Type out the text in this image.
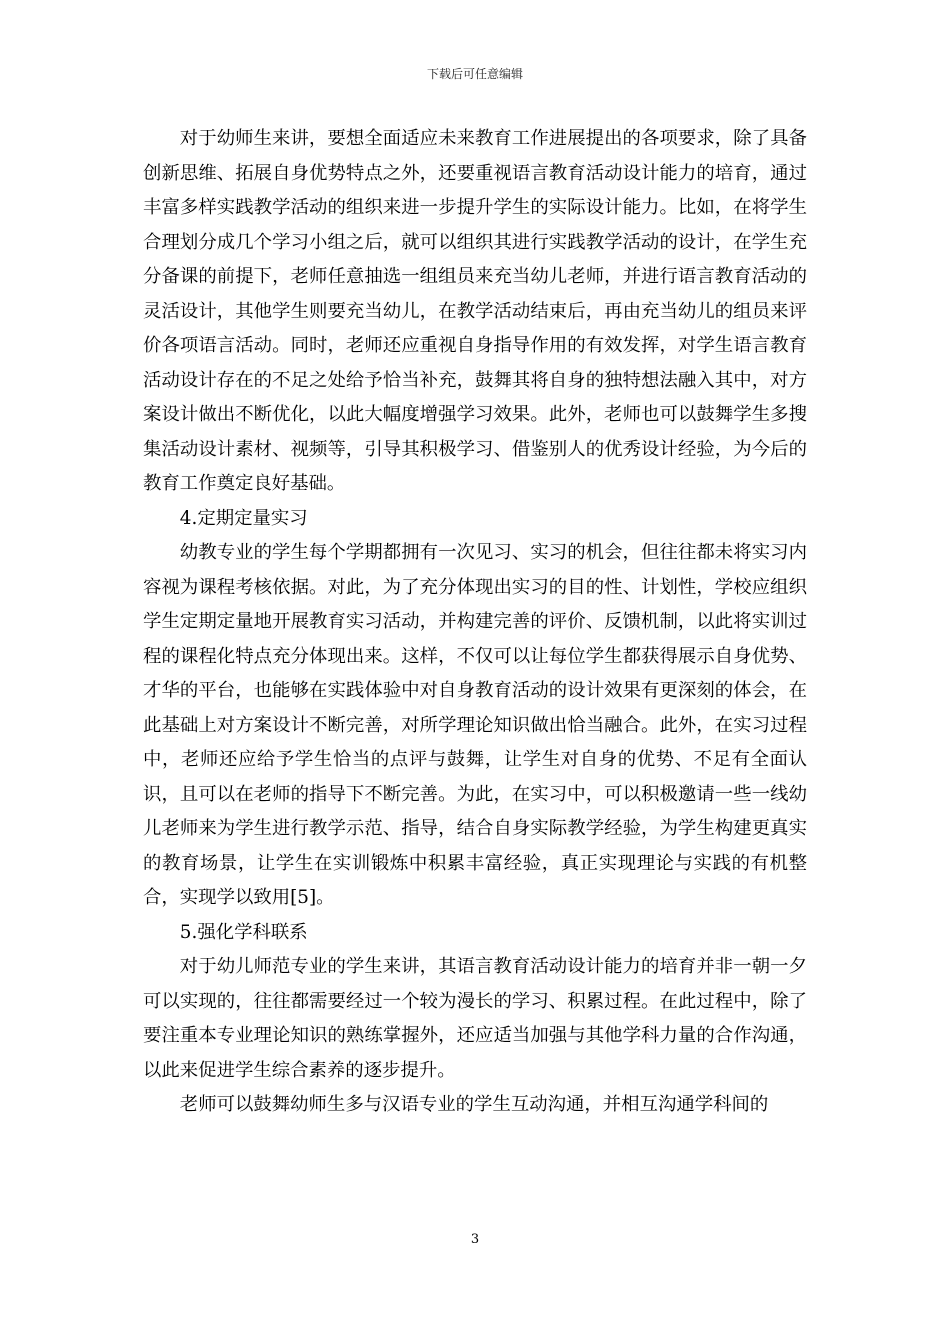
下载后可任意编辑

对于幼师生来讲，要想全面适应未来教育工作进展提出的各项要求，除了具备创新思维、拓展自身优势特点之外，还要重视语言教育活动设计能力的培育，通过丰富多样实践教学活动的组织来进一步提升学生的实际设计能力。比如，在将学生合理划分成几个学习小组之后，就可以组织其进行实践教学活动的设计，在学生充分备课的前提下，老师任意抽选一组组员来充当幼儿老师，并进行语言教育活动的灵活设计，其他学生则要充当幼儿，在教学活动结束后，再由充当幼儿的组员来评价各项语言活动。同时，老师还应重视自身指导作用的有效发挥，对学生语言教育活动设计存在的不足之处给予恰当补充，鼓舞其将自身的独特想法融入其中，对方案设计做出不断优化，以此大幅度增强学习效果。此外，老师也可以鼓舞学生多搜集活动设计素材、视频等，引导其积极学习、借鉴别人的优秀设计经验，为今后的教育工作奠定良好基础。

4.定期定量实习

幼教专业的学生每个学期都拥有一次见习、实习的机会，但往往都未将实习内容视为课程考核依据。对此，为了充分体现出实习的目的性、计划性，学校应组织学生定期定量地开展教育实习活动，并构建完善的评价、反馈机制，以此将实训过程的课程化特点充分体现出来。这样，不仅可以让每位学生都获得展示自身优势、才华的平台，也能够在实践体验中对自身教育活动的设计效果有更深刻的体会，在此基础上对方案设计不断完善，对所学理论知识做出恰当融合。此外，在实习过程中，老师还应给予学生恰当的点评与鼓舞，让学生对自身的优势、不足有全面认识，且可以在老师的指导下不断完善。为此，在实习中，可以积极邀请一些一线幼儿老师来为学生进行教学示范、指导，结合自身实际教学经验，为学生构建更真实的教育场景，让学生在实训锻炼中积累丰富经验，真正实现理论与实践的有机整合，实现学以致用[5]。

5.强化学科联系

对于幼儿师范专业的学生来讲，其语言教育活动设计能力的培育并非一朝一夕可以实现的，往往都需要经过一个较为漫长的学习、积累过程。在此过程中，除了要注重本专业理论知识的熟练掌握外，还应适当加强与其他学科力量的合作沟通，以此来促进学生综合素养的逐步提升。

老师可以鼓舞幼师生多与汉语专业的学生互动沟通，并相互沟通学科间的

3
